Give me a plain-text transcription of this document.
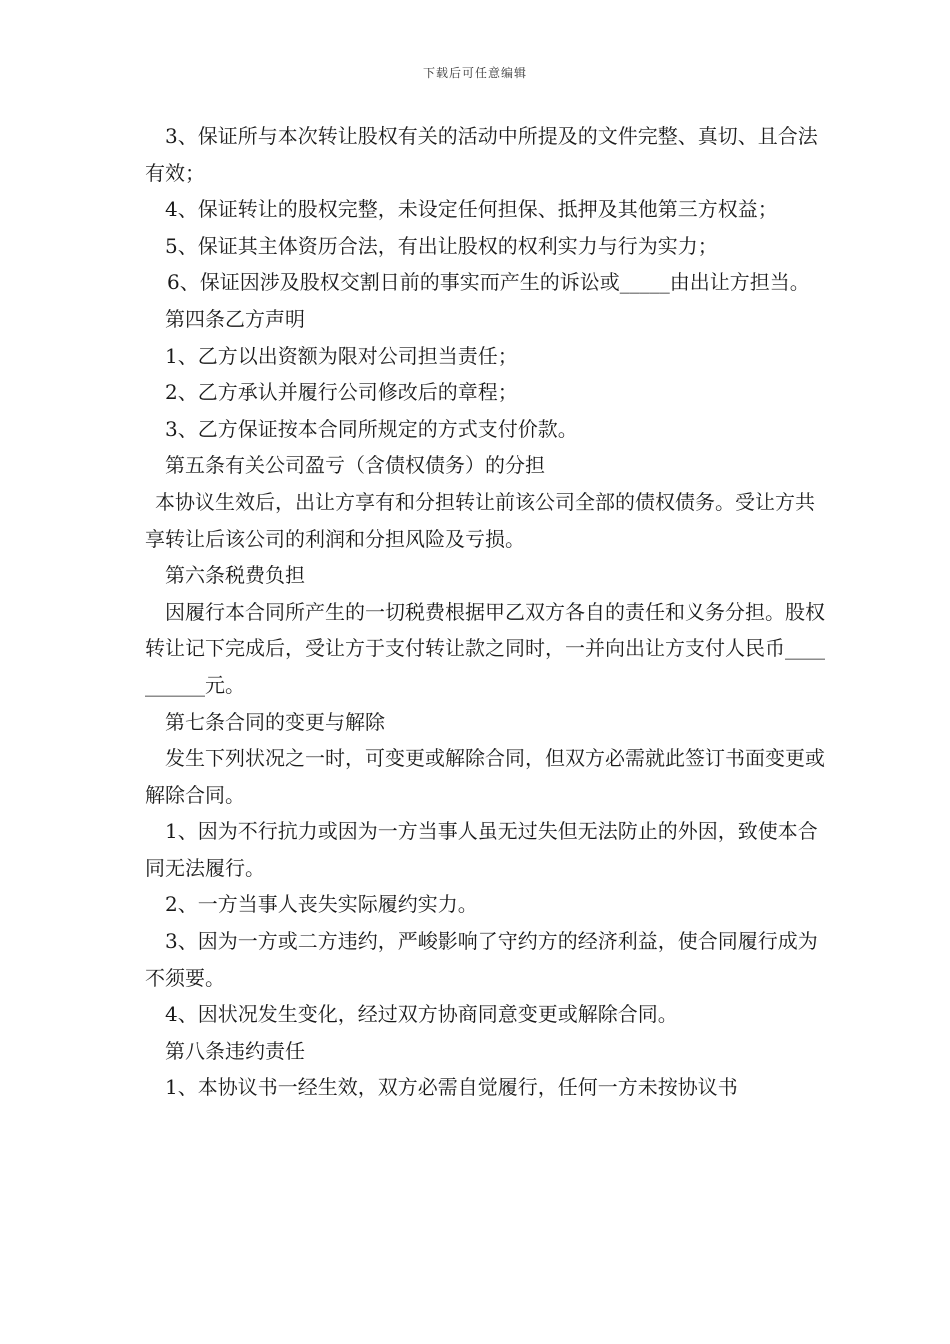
下载后可任意编辑

3、保证所与本次转让股权有关的活动中所提及的文件完整、真切、且合法有效；

4、保证转让的股权完整，未设定任何担保、抵押及其他第三方权益；

5、保证其主体资历合法，有出让股权的权利实力与行为实力；

6、保证因涉及股权交割日前的事实而产生的诉讼或_____由出让方担当。

第四条乙方声明

1、乙方以出资额为限对公司担当责任；

2、乙方承认并履行公司修改后的章程；

3、乙方保证按本合同所规定的方式支付价款。

第五条有关公司盈亏（含债权债务）的分担

本协议生效后，出让方享有和分担转让前该公司全部的债权债务。受让方共享转让后该公司的利润和分担风险及亏损。

第六条税费负担

因履行本合同所产生的一切税费根据甲乙双方各自的责任和义务分担。股权转让记下完成后，受让方于支付转让款之同时，一并向出让方支付人民币__________元。

第七条合同的变更与解除

发生下列状况之一时，可变更或解除合同，但双方必需就此签订书面变更或解除合同。

1、因为不行抗力或因为一方当事人虽无过失但无法防止的外因，致使本合同无法履行。

2、一方当事人丧失实际履约实力。

3、因为一方或二方违约，严峻影响了守约方的经济利益，使合同履行成为不须要。

4、因状况发生变化，经过双方协商同意变更或解除合同。

第八条违约责任

1、本协议书一经生效，双方必需自觉履行，任何一方未按协议书
